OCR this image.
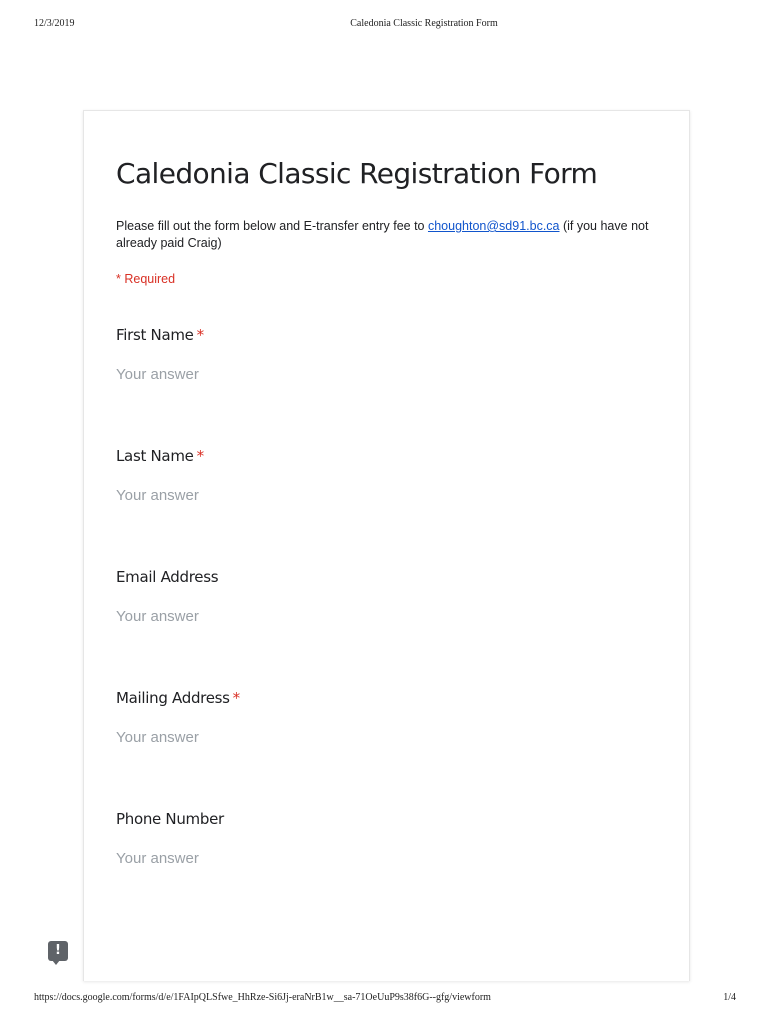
12/3/2019	Caledonia Classic Registration Form
Caledonia Classic Registration Form
Please fill out the form below and E-transfer entry fee to choughton@sd91.bc.ca (if you have not already paid Craig)
* Required
First Name *
Your answer
Last Name *
Your answer
Email Address
Your answer
Mailing Address *
Your answer
Phone Number
Your answer
!
https://docs.google.com/forms/d/e/1FAIpQLSfwe_HhRze-Si6Jj-eraNrB1w__sa-71OeUuP9s38f6G--gfg/viewform	1/4
